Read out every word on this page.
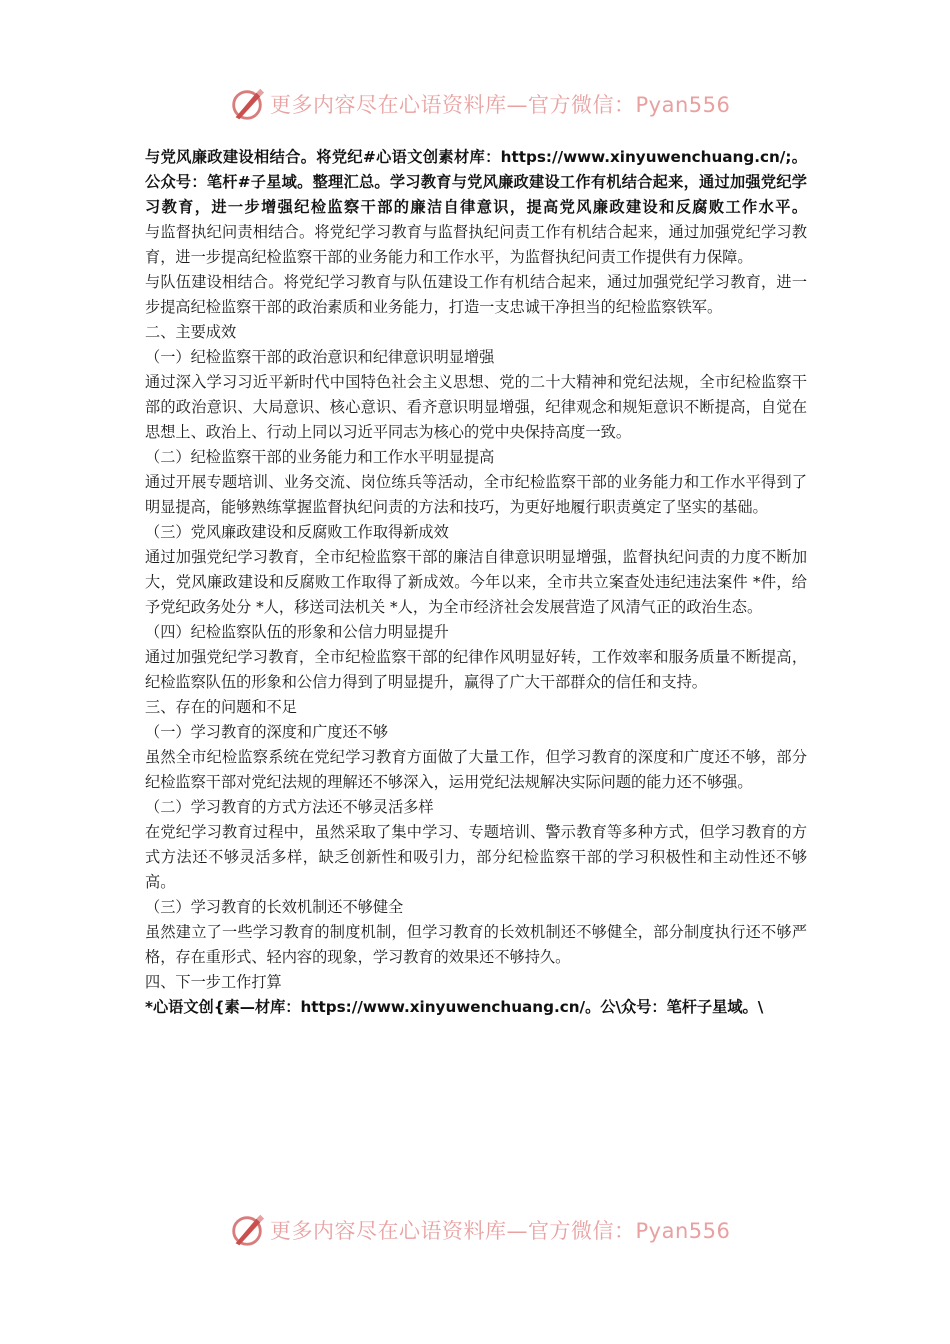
更多内容尽在心语资料库—官方微信：Pyan556

与党风廉政建设相结合。将党纪#心语文创素材库：https://www.xinyuwenchuang.cn/;。公众号：笔杆#子星域。整理汇总。学习教育与党风廉政建设工作有机结合起来，通过加强党纪学习教育，进一步增强纪检监察干部的廉洁自律意识，提高党风廉政建设和反腐败工作水平。

与监督执纪问责相结合。将党纪学习教育与监督执纪问责工作有机结合起来，通过加强党纪学习教育，进一步提高纪检监察干部的业务能力和工作水平，为监督执纪问责工作提供有力保障。

与队伍建设相结合。将党纪学习教育与队伍建设工作有机结合起来，通过加强党纪学习教育，进一步提高纪检监察干部的政治素质和业务能力，打造一支忠诚干净担当的纪检监察铁军。

二、主要成效

（一）纪检监察干部的政治意识和纪律意识明显增强

通过深入学习习近平新时代中国特色社会主义思想、党的二十大精神和党纪法规，全市纪检监察干部的政治意识、大局意识、核心意识、看齐意识明显增强，纪律观念和规矩意识不断提高，自觉在思想上、政治上、行动上同以习近平同志为核心的党中央保持高度一致。

（二）纪检监察干部的业务能力和工作水平明显提高

通过开展专题培训、业务交流、岗位练兵等活动，全市纪检监察干部的业务能力和工作水平得到了明显提高，能够熟练掌握监督执纪问责的方法和技巧，为更好地履行职责奠定了坚实的基础。

（三）党风廉政建设和反腐败工作取得新成效

通过加强党纪学习教育，全市纪检监察干部的廉洁自律意识明显增强，监督执纪问责的力度不断加大，党风廉政建设和反腐败工作取得了新成效。今年以来，全市共立案查处违纪违法案件 *件，给予党纪政务处分 *人，移送司法机关 *人，为全市经济社会发展营造了风清气正的政治生态。

（四）纪检监察队伍的形象和公信力明显提升

通过加强党纪学习教育，全市纪检监察干部的纪律作风明显好转，工作效率和服务质量不断提高，纪检监察队伍的形象和公信力得到了明显提升，赢得了广大干部群众的信任和支持。

三、存在的问题和不足

（一）学习教育的深度和广度还不够

虽然全市纪检监察系统在党纪学习教育方面做了大量工作，但学习教育的深度和广度还不够，部分纪检监察干部对党纪法规的理解还不够深入，运用党纪法规解决实际问题的能力还不够强。

（二）学习教育的方式方法还不够灵活多样

在党纪学习教育过程中，虽然采取了集中学习、专题培训、警示教育等多种方式，但学习教育的方式方法还不够灵活多样，缺乏创新性和吸引力，部分纪检监察干部的学习积极性和主动性还不够高。

（三）学习教育的长效机制还不够健全

虽然建立了一些学习教育的制度机制，但学习教育的长效机制还不够健全，部分制度执行还不够严格，存在重形式、轻内容的现象，学习教育的效果还不够持久。

四、下一步工作打算

*心语文创{素—材库：https://www.xinyuwenchuang.cn/。公\众号：笔杆子星域。\

更多内容尽在心语资料库—官方微信：Pyan556
